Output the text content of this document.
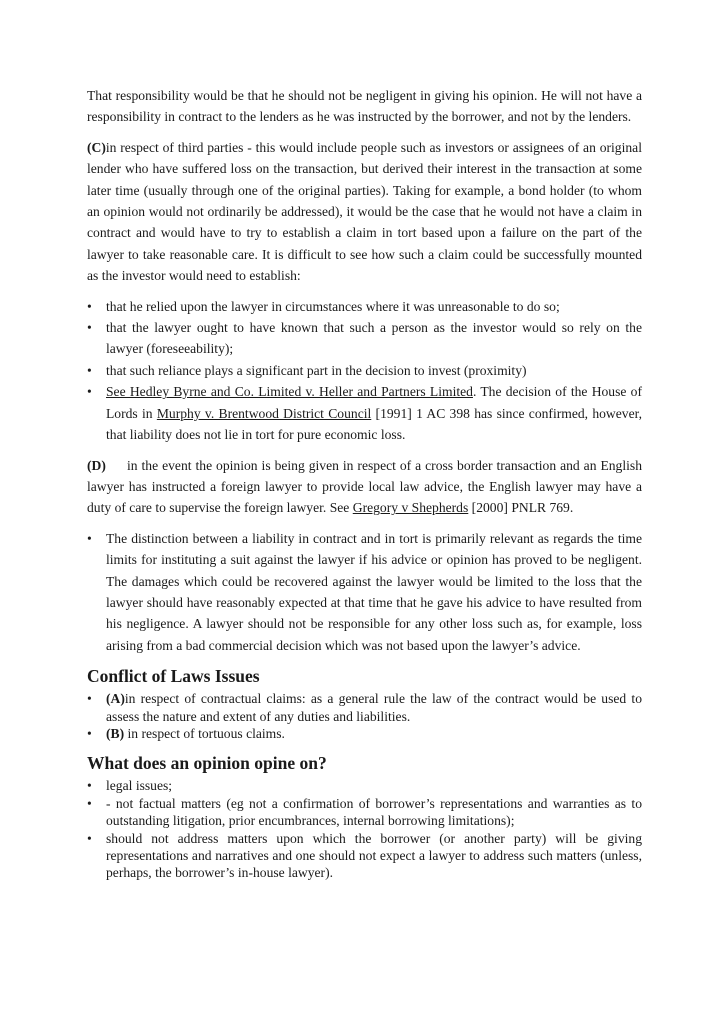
That responsibility would be that he should not be negligent in giving his opinion. He will not have a responsibility in contract to the lenders as he was instructed by the borrower, and not by the lenders.

(C)in respect of third parties - this would include people such as investors or assignees of an original lender who have suffered loss on the transaction, but derived their interest in the transaction at some later time (usually through one of the original parties). Taking for example, a bond holder (to whom an opinion would not ordinarily be addressed), it would be the case that he would not have a claim in contract and would have to try to establish a claim in tort based upon a failure on the part of the lawyer to take reasonable care. It is difficult to see how such a claim could be successfully mounted as the investor would need to establish:

• that he relied upon the lawyer in circumstances where it was unreasonable to do so;
• that the lawyer ought to have known that such a person as the investor would so rely on the lawyer (foreseeability);
• that such reliance plays a significant part in the decision to invest (proximity)
• See Hedley Byrne and Co. Limited v. Heller and Partners Limited. The decision of the House of Lords in Murphy v. Brentwood District Council [1991] 1 AC 398 has since confirmed, however, that liability does not lie in tort for pure economic loss.

(D) in the event the opinion is being given in respect of a cross border transaction and an English lawyer has instructed a foreign lawyer to provide local law advice, the English lawyer may have a duty of care to supervise the foreign lawyer. See Gregory v Shepherds [2000] PNLR 769.

• The distinction between a liability in contract and in tort is primarily relevant as regards the time limits for instituting a suit against the lawyer if his advice or opinion has proved to be negligent. The damages which could be recovered against the lawyer would be limited to the loss that the lawyer should have reasonably expected at that time that he gave his advice to have resulted from his negligence. A lawyer should not be responsible for any other loss such as, for example, loss arising from a bad commercial decision which was not based upon the lawyer’s advice.
Conflict of Laws Issues
• (A)in respect of contractual claims: as a general rule the law of the contract would be used to assess the nature and extent of any duties and liabilities.
• (B) in respect of tortuous claims.
What does an opinion opine on?
• legal issues;
• - not factual matters (eg not a confirmation of borrower’s representations and warranties as to outstanding litigation, prior encumbrances, internal borrowing limitations);
• should not address matters upon which the borrower (or another party) will be giving representations and narratives and one should not expect a lawyer to address such matters (unless, perhaps, the borrower’s in-house lawyer).
